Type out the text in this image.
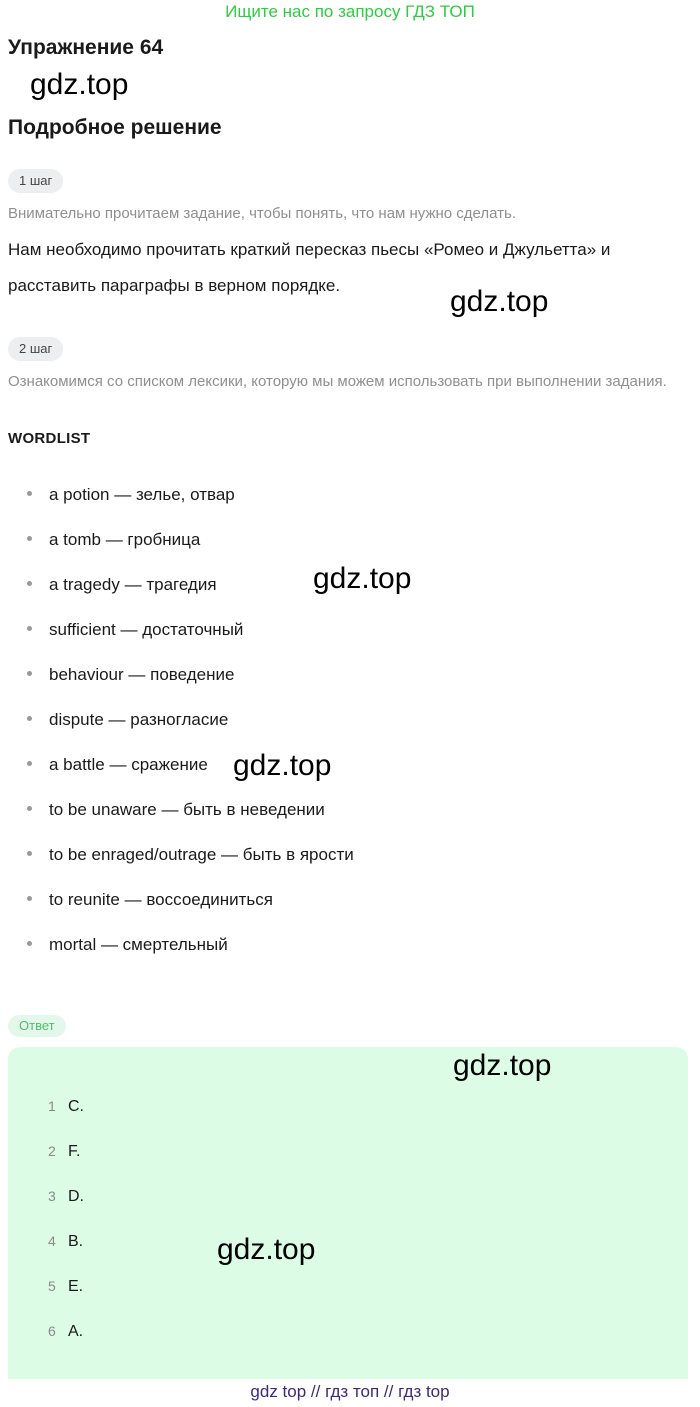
Ищите нас по запросу ГДЗ ТОП
Упражнение 64
gdz.top
Подробное решение
1 шаг
Внимательно прочитаем задание, чтобы понять, что нам нужно сделать.
Нам необходимо прочитать краткий пересказ пьесы «Ромео и Джульетта» и
расставить параграфы в верном порядке.	gdz.top
2 шаг
Ознакомимся со списком лексики, которую мы можем использовать при выполнении задания.
WORDLIST
a potion — зелье, отвар
a tomb — гробница
a tragedy — трагедия
sufficient — достаточный
behaviour — поведение
dispute — разногласие
a battle — сражение
to be unaware — быть в неведении
to be enraged/outrage — быть в ярости
to reunite — воссоединиться
mortal — смертельный
gdz.top
gdz.top
Ответ
gdz.top
1 C.
2 F.
3 D.
4 B.
5 E.
6 A.
gdz.top
gdz top // гдз топ // гдз top
